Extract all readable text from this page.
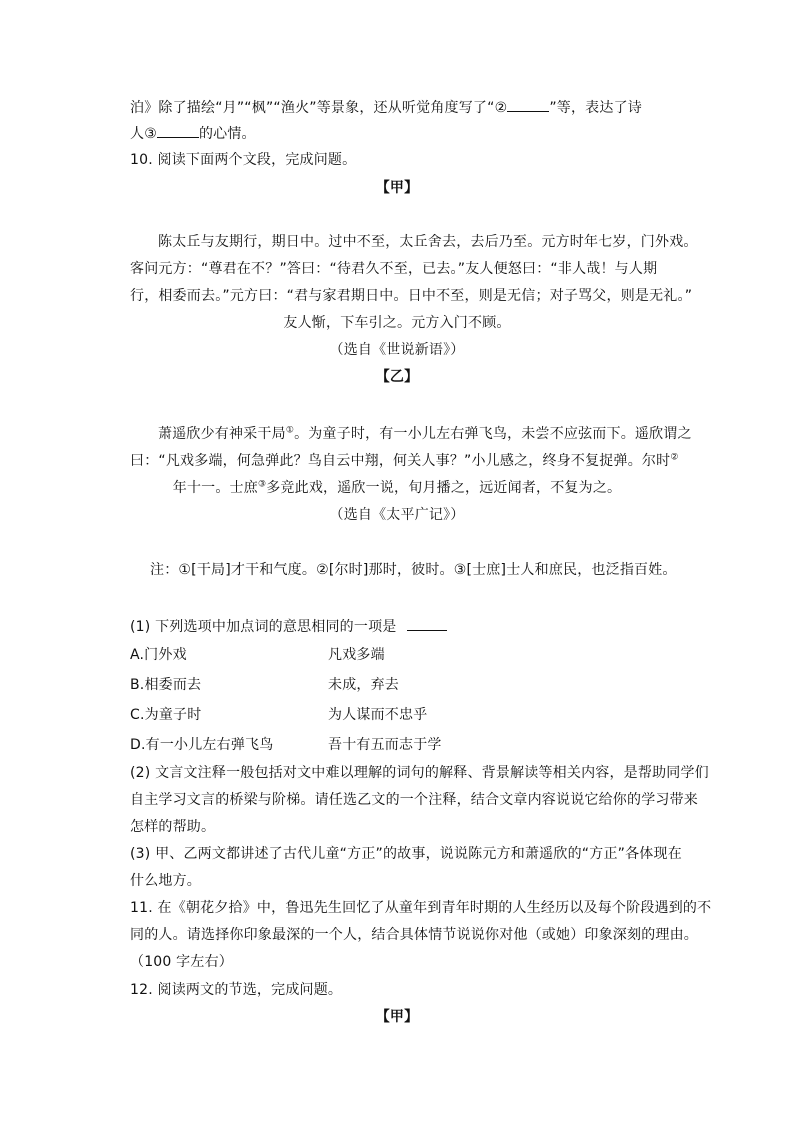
泊》除了描绘“月”“枫”“渔火”等景象，还从听觉角度写了“②	”等，表达了诗
人③	的心情。
10. 阅读下面两个文段，完成问题。
【甲】
陈太丘与友期行，期日中。过中不至，太丘舍去，去后乃至。元方时年七岁，门外戏。
客问元方：“尊君在不？”答曰：“待君久不至，已去。”友人便怒曰：“非人哉！与人期
行，相委而去。”元方曰：“君与家君期日中。日中不至，则是无信；对子骂父，则是无礼。”
友人惭，下车引之。元方入门不顾。
（选自《世说新语》）
【乙】
萧遥欣少有神采干局①。为童子时，有一小儿左右弹飞鸟，未尝不应弦而下。遥欣谓之
曰：“凡戏多端，何急弹此？鸟自云中翔，何关人事？”小儿感之，终身不复捉弹。尔时②
年十一。士庶③多竞此戏，遥欣一说，旬月播之，远近闻者，不复为之。
（选自《太平广记》）
注：①[干局]才干和气度。②[尔时]那时，彼时。③[士庶]士人和庶民，也泛指百姓。
(1) 下列选项中加点词的意思相同的一项是
A.门外戏	凡戏多端
B.相委而去	未成，弃去
C.为童子时	为人谋而不忠乎
D.有一小儿左右弹飞鸟	吾十有五而志于学
(2) 文言文注释一般包括对文中难以理解的词句的解释、背景解读等相关内容，是帮助同学们
自主学习文言的桥梁与阶梯。请任选乙文的一个注释，结合文章内容说说它给你的学习带来
怎样的帮助。
(3) 甲、乙两文都讲述了古代儿童“方正”的故事，说说陈元方和萧遥欣的“方正”各体现在
什么地方。
11. 在《朝花夕拾》中，鲁迅先生回忆了从童年到青年时期的人生经历以及每个阶段遇到的不
同的人。请选择你印象最深的一个人，结合具体情节说说你对他（或她）印象深刻的理由。
（100 字左右）
12. 阅读两文的节选，完成问题。
【甲】
